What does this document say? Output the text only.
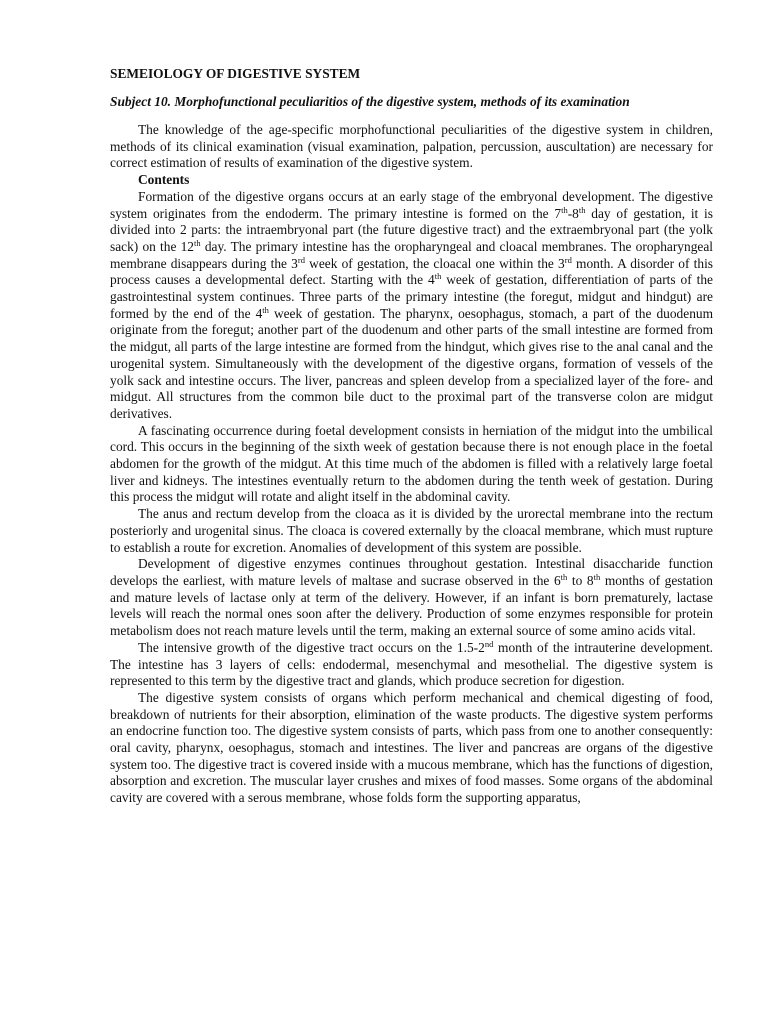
SEMEIOLOGY OF DIGESTIVE SYSTEM
Subject 10. Morphofunctional peculiaritios of the digestive system, methods of its examination

The knowledge of the age-specific morphofunctional peculiarities of the digestive system in children, methods of its clinical examination (visual examination, palpation, percussion, auscultation) are necessary for correct estimation of results of examination of the digestive system.

Contents

Formation of the digestive organs occurs at an early stage of the embryonal development. The digestive system originates from the endoderm. The primary intestine is formed on the 7th-8th day of gestation, it is divided into 2 parts: the intraembryonal part (the future digestive tract) and the extraembryonal part (the yolk sack) on the 12th day. The primary intestine has the oropharyngeal and cloacal membranes. The oropharyngeal membrane disappears during the 3rd week of gestation, the cloacal one within the 3rd month. A disorder of this process causes a developmental defect. Starting with the 4th week of gestation, differentiation of parts of the gastrointestinal system continues. Three parts of the primary intestine (the foregut, midgut and hindgut) are formed by the end of the 4th week of gestation. The pharynx, oesophagus, stomach, a part of the duodenum originate from the foregut; another part of the duodenum and other parts of the small intestine are formed from the midgut, all parts of the large intestine are formed from the hindgut, which gives rise to the anal canal and the urogenital system. Simultaneously with the development of the digestive organs, formation of vessels of the yolk sack and intestine occurs. The liver, pancreas and spleen develop from a specialized layer of the fore- and midgut. All structures from the common bile duct to the proximal part of the transverse colon are midgut derivatives.

A fascinating occurrence during foetal development consists in herniation of the midgut into the umbilical cord. This occurs in the beginning of the sixth week of gestation because there is not enough place in the foetal abdomen for the growth of the midgut. At this time much of the abdomen is filled with a relatively large foetal liver and kidneys. The intestines eventually return to the abdomen during the tenth week of gestation. During this process the midgut will rotate and alight itself in the abdominal cavity.

The anus and rectum develop from the cloaca as it is divided by the urorectal membrane into the rectum posteriorly and urogenital sinus. The cloaca is covered externally by the cloacal membrane, which must rupture to establish a route for excretion. Anomalies of development of this system are possible.

Development of digestive enzymes continues throughout gestation. Intestinal disaccharide function develops the earliest, with mature levels of maltase and sucrase observed in the 6th to 8th months of gestation and mature levels of lactase only at term of the delivery. However, if an infant is born prematurely, lactase levels will reach the normal ones soon after the delivery. Production of some enzymes responsible for protein metabolism does not reach mature levels until the term, making an external source of some amino acids vital.

The intensive growth of the digestive tract occurs on the 1.5-2nd month of the intrauterine development. The intestine has 3 layers of cells: endodermal, mesenchymal and mesothelial. The digestive system is represented to this term by the digestive tract and glands, which produce secretion for digestion.

The digestive system consists of organs which perform mechanical and chemical digesting of food, breakdown of nutrients for their absorption, elimination of the waste products. The digestive system performs an endocrine function too. The digestive system consists of parts, which pass from one to another consequently: oral cavity, pharynx, oesophagus, stomach and intestines. The liver and pancreas are organs of the digestive system too. The digestive tract is covered inside with a mucous membrane, which has the functions of digestion, absorption and excretion. The muscular layer crushes and mixes of food masses. Some organs of the abdominal cavity are covered with a serous membrane, whose folds form the supporting apparatus,
